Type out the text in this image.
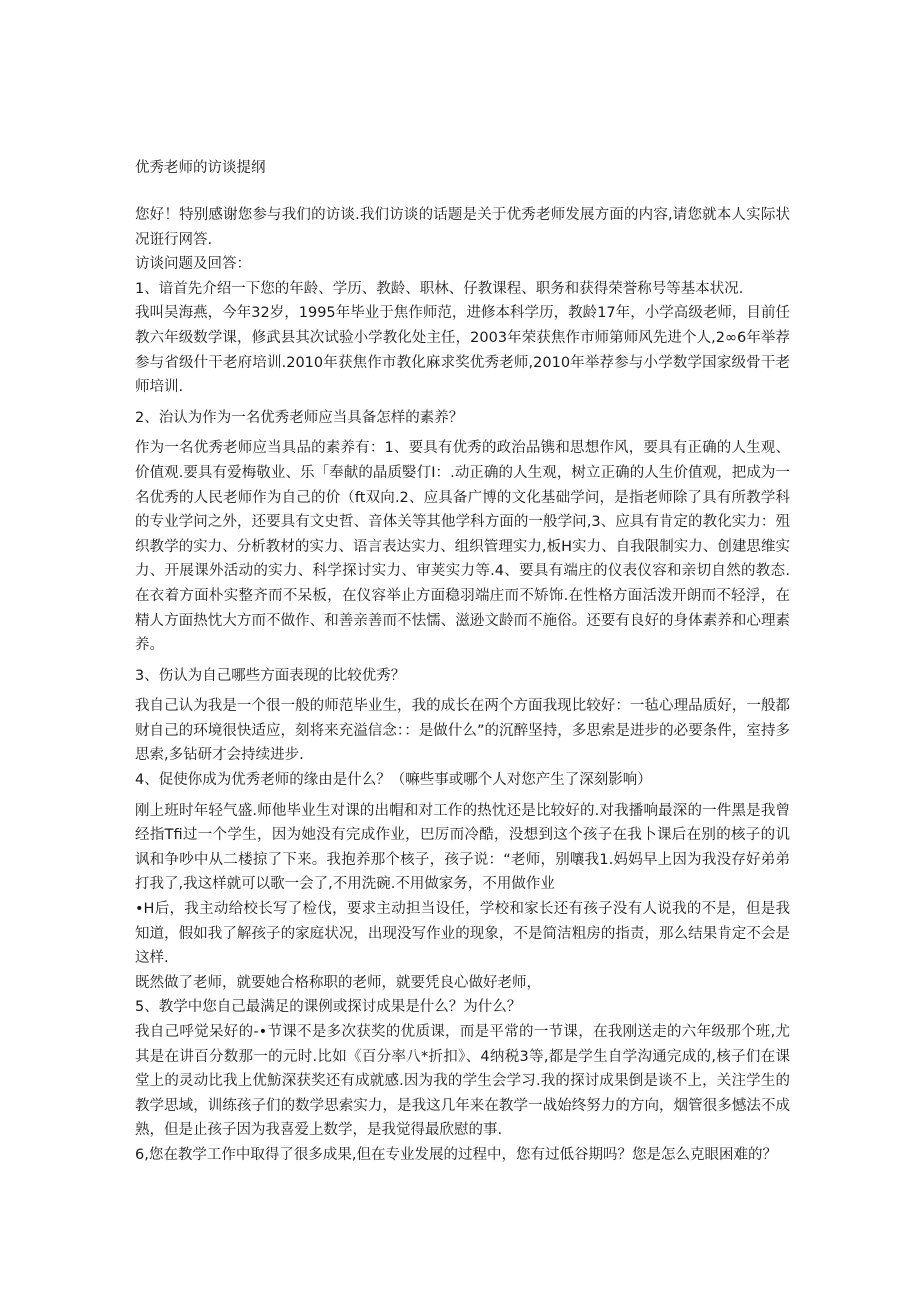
优秀老师的访谈提纲

您好！特别感谢您参与我们的访谈.我们访谈的话题是关于优秀老师发展方面的内容,请您就本人实际状况诳行网答.

访谈问题及回答：

1、谙首先介绍一下您的年龄、学历、教龄、职林、仔教课程、职务和获得荣誉称号等基本状况.

我叫吴海燕，今年32岁，1995年毕业于焦作师范，进修本科学历，教龄17年，小学高级老师，目前任教六年级数学课，修武县其次试验小学教化处主任，2003年荣获焦作市师第师风先进个人,2∞6年举荐参与省级什干老府培训.2010年获焦作市教化麻求奖优秀老师,2010年举荐参与小学数学国家级骨干老师培训.

2、治认为作为一名优秀老师应当具备怎样的素养？

作为一名优秀老师应当具品的素养有：1、要具有优秀的政治品镌和思想作风，要具有正确的人生观、价值观.要具有爱梅敬业、乐「奉献的晶质嫛仃I：.动正确的人生观，树立正确的人生价值观，把成为一名优秀的人民老师作为自己的价（ft双向.2、应具备广博的文化基础学问，是指老师除了具有所教学科的专业学问之外，还要具有文史哲、音体关等其他学科方面的一般学问,3、应具有肯定的教化实力：殂织教学的实力、分析教材的实力、语言表达实力、组织管理实力,板H实力、自我限制实力、创建思维实力、开展课外活动的实力、科学探讨实力、审荚实力等.4、要具有端庄的仪表仪容和亲切自然的教态.在衣着方面朴实整齐而不呆板，在仪容举止方面稳羽端庄而不矫饰.在性格方面活泼开朗而不轻浮，在精人方面热忱大方而不做作、和善亲善而不怯懦、滋逊文龄而不施俗。还要有良好的身体素养和心理素养。

3、伤认为自己哪些方面表现的比较优秀？

我自己认为我是一个很一般的师范毕业生，我的成长在两个方面我现比较好：一毡心理品质好，一般都财自己的环境很快适应，刻将来充溢信念：：是做什么”的沉醉坚持，多思索是进步的必要条件，室持多思索,多钻研才会持续进步.

4、促使你成为优秀老师的缘由是什么？（嘛些事或哪个人对您产生了深刻影响）

刚上班时年轻气盛.师他毕业生对课的出帽和对工作的热忱还是比较好的.对我播响最深的一件黑是我曾经指Tfi过一个学生，因为她没有完成作业，巴厉而冷酷，没想到这个孩子在我卜课后在别的核子的讥讽和争吵中从二楼掠了下来。我抱养那个核子，孩子说：“老师，别嚷我1.妈妈早上因为我没存好弟弟打我了,我这样就可以歌一会了,不用洗碗.不用做家务，不用做作业

•H后，我主动给校长写了检伐，要求主动担当设任，学校和家长还有孩子没有人说我的不是，但是我知道，假如我了解孩子的家庭状况，出现没写作业的现象，不是简洁粗房的指责，那么结果肯定不会是这样.

既然做了老师，就要她合格称职的老师，就要凭良心做好老师，

5、教学中您自己最满足的课例或探讨成果是什么？为什么？

我自己呼觉呆好的-•节课不是多次获奖的优质课，而是平常的一节课，在我刚送走的六年级那个班,尤其是在讲百分数那一的元时.比如《百分率八*折扣》、4纳税3等,都是学生自学沟通完成的,核子们在课堂上的灵动比我上优魴深获奖还有成就感.因为我的学生会学习.我的探讨成果倒是谈不上，关注学生的教学思域，训练孩子们的数学思索实力，是我这几年来在教学一战始终努力的方向，烟管很多憾法不成熟，但是止孩子因为我喜爱上数学，是我觉得最欣慰的事.

6,您在教学工作中取得了很多成果,但在专业发展的过程中，您有过低谷期吗？您是怎么克眼困难的？
